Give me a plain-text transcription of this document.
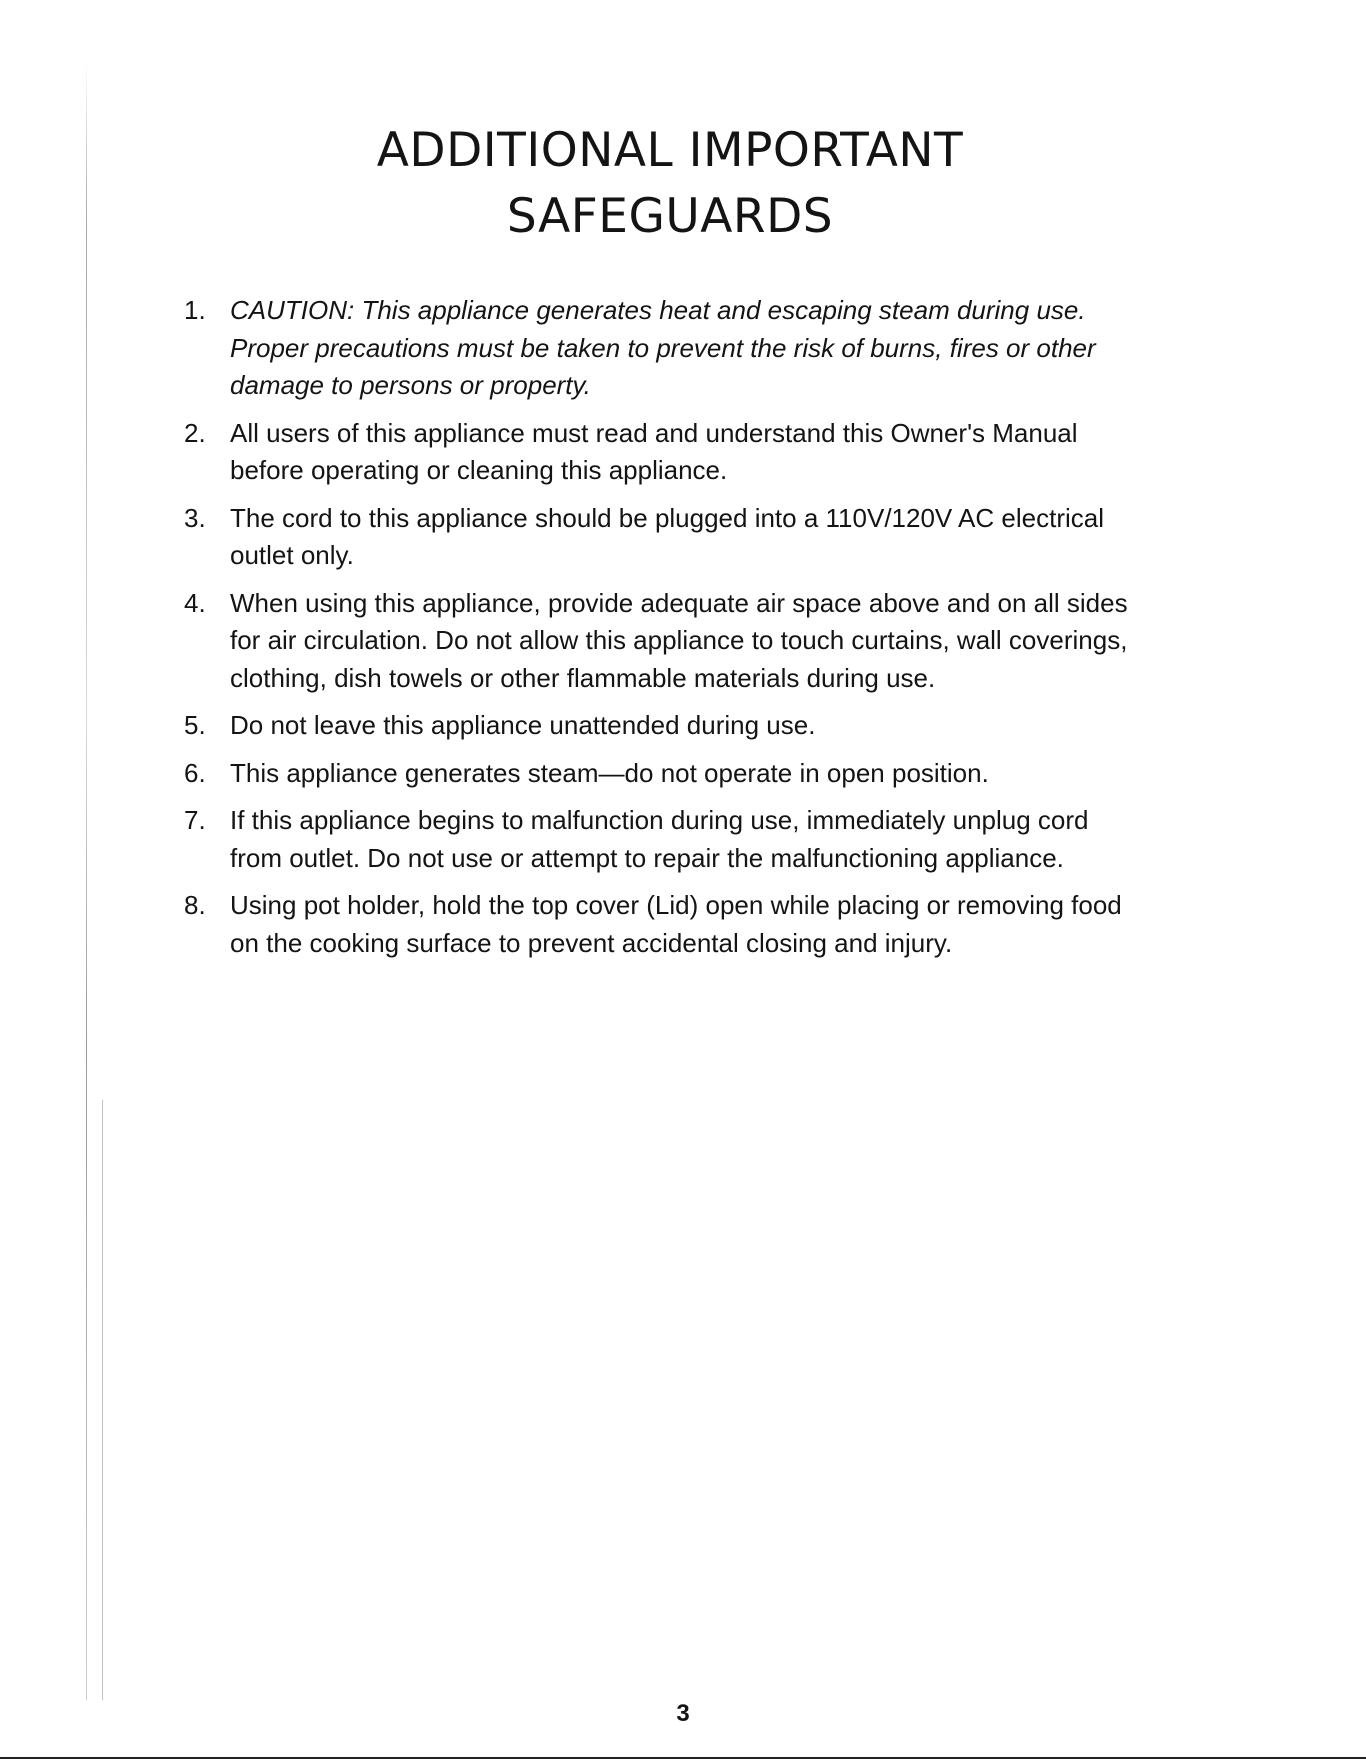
ADDITIONAL IMPORTANT
SAFEGUARDS
1. CAUTION: This appliance generates heat and escaping steam during use. Proper precautions must be taken to prevent the risk of burns, fires or other damage to persons or property.
2. All users of this appliance must read and understand this Owner's Manual before operating or cleaning this appliance.
3. The cord to this appliance should be plugged into a 110V/120V AC electrical outlet only.
4. When using this appliance, provide adequate air space above and on all sides for air circulation. Do not allow this appliance to touch curtains, wall coverings, clothing, dish towels or other flammable materials during use.
5. Do not leave this appliance unattended during use.
6. This appliance generates steam—do not operate in open position.
7. If this appliance begins to malfunction during use, immediately unplug cord from outlet. Do not use or attempt to repair the malfunctioning appliance.
8. Using pot holder, hold the top cover (Lid) open while placing or removing food on the cooking surface to prevent accidental closing and injury.
3
